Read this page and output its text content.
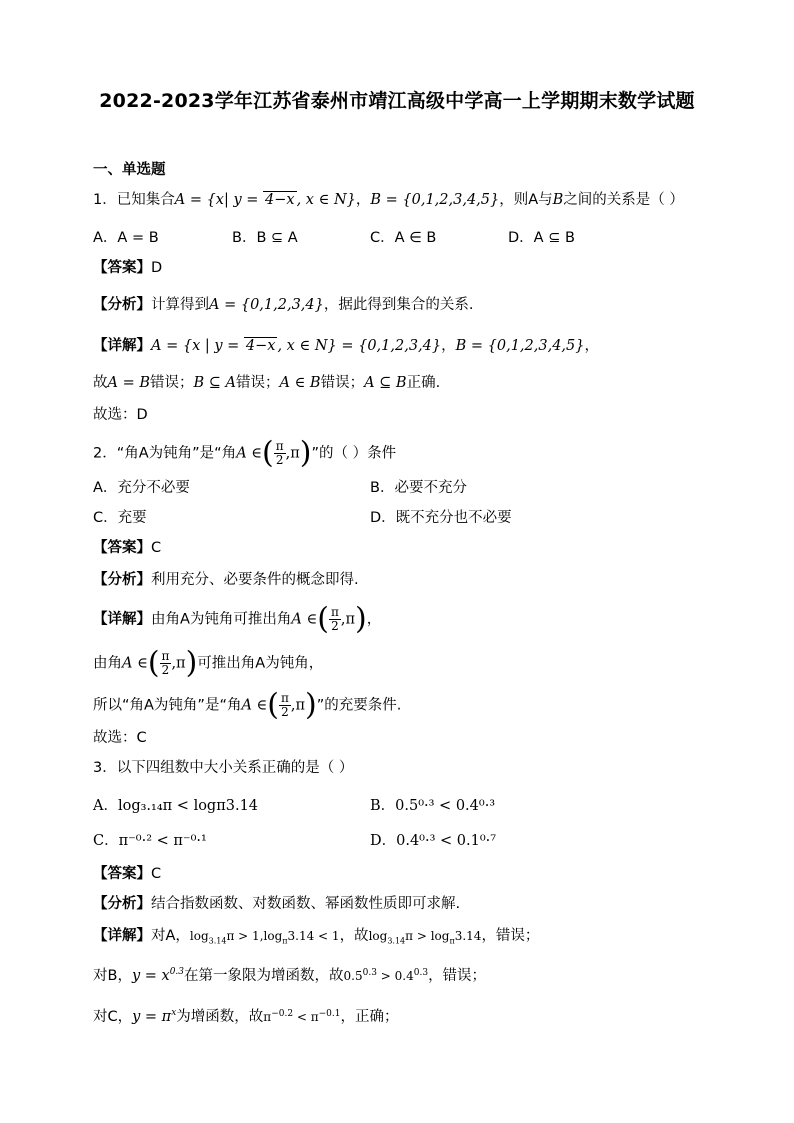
2022-2023学年江苏省泰州市靖江高级中学高一上学期期末数学试题
一、单选题
1．已知集合A = {x| y = 4−x , x ∈ N}，B = {0,1,2,3,4,5}，则A与B之间的关系是（ ）
A．A = B	B．B ⊆ A	C．A ∈ B	D．A ⊆ B
【答案】D
【分析】计算得到A = {0,1,2,3,4}，据此得到集合的关系.
【详解】A = {x | y = 4−x , x ∈ N} = {0,1,2,3,4}，B = {0,1,2,3,4,5}，
故A = B错误；B ⊆ A错误；A ∈ B错误；A ⊆ B正确.
故选：D
2．“角A为钝角”是“角A ∈( $\frac{\pi}{2} ,\pi$)”的（ ）条件
A．充分不必要	B．必要不充分
C．充要	D．既不充分也不必要
【答案】C
【分析】利用充分、必要条件的概念即得.
【详解】由角A为钝角可推出角A ∈( $\frac{\pi}{2} ,\pi$)，
由角A ∈( $\frac{\pi}{2} ,\pi$)可推出角A为钝角，
所以“角A为钝角”是“角A ∈( $\frac{\pi}{2} ,\pi$)”的充要条件.
故选：C
3．以下四组数中大小关系正确的是（ ）
A．log₃.₁₄π < logπ3.14	B．0.5⁰·³ < 0.4⁰·³
C．π⁻⁰·² < π⁻⁰·¹	D．0.4⁰·³ < 0.1⁰·⁷
【答案】C
【分析】结合指数函数、对数函数、幂函数性质即可求解.
【详解】对A，$\log_{3.14}\pi > 1,\log_\pi 3.14 < 1$，故$\log_{3.14}\pi > \log_\pi 3.14$，错误；
对B，$y = x^{0.3}$在第一象限为增函数，故$0.5^{0.3} > 0.4^{0.3}$，错误；
对C，$y = \pi^x$为增函数，故$\pi^{-0.2} < \pi^{-0.1}$，正确；
